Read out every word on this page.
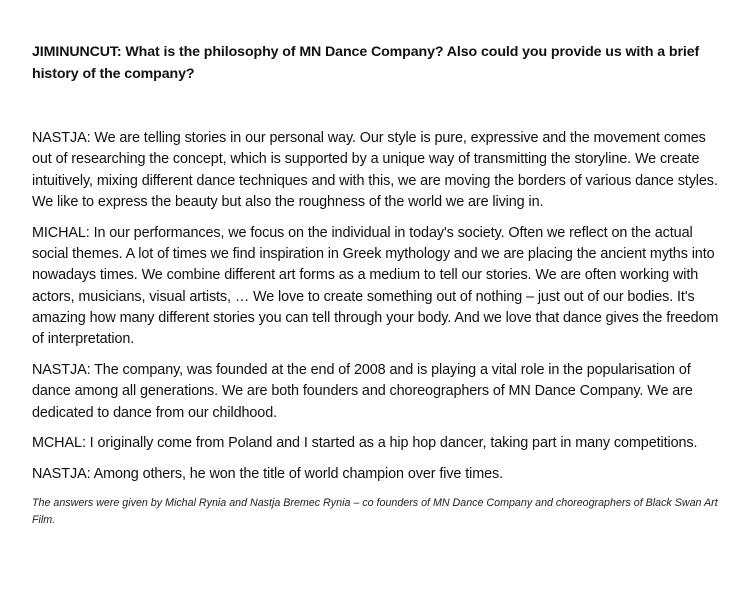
JIMINUNCUT: What is the philosophy of MN Dance Company? Also could you provide us with a brief history of the company?

NASTJA: We are telling stories in our personal way. Our style is pure, expressive and the movement comes out of researching the concept, which is supported by a unique way of transmitting the storyline. We create intuitively, mixing different dance techniques and with this, we are moving the borders of various dance styles. We like to express the beauty but also the roughness of the world we are living in.

MICHAL: In our performances, we focus on the individual in today's society. Often we reflect on the actual social themes. A lot of times we find inspiration in Greek mythology and we are placing the ancient myths into nowadays times. We combine different art forms as a medium to tell our stories. We are often working with actors, musicians, visual artists, … We love to create something out of nothing – just out of our bodies. It's amazing how many different stories you can tell through your body. And we love that dance gives the freedom of interpretation.

NASTJA: The company, was founded at the end of 2008 and is playing a vital role in the popularisation of dance among all generations. We are both founders and choreographers of MN Dance Company. We are dedicated to dance from our childhood.

MCHAL: I originally come from Poland and I started as a hip hop dancer, taking part in many competitions.

NASTJA: Among others, he won the title of world champion over five times.

The answers were given by Michal Rynia and Nastja Bremec Rynia – co founders of MN Dance Company and choreographers of Black Swan Art Film.
